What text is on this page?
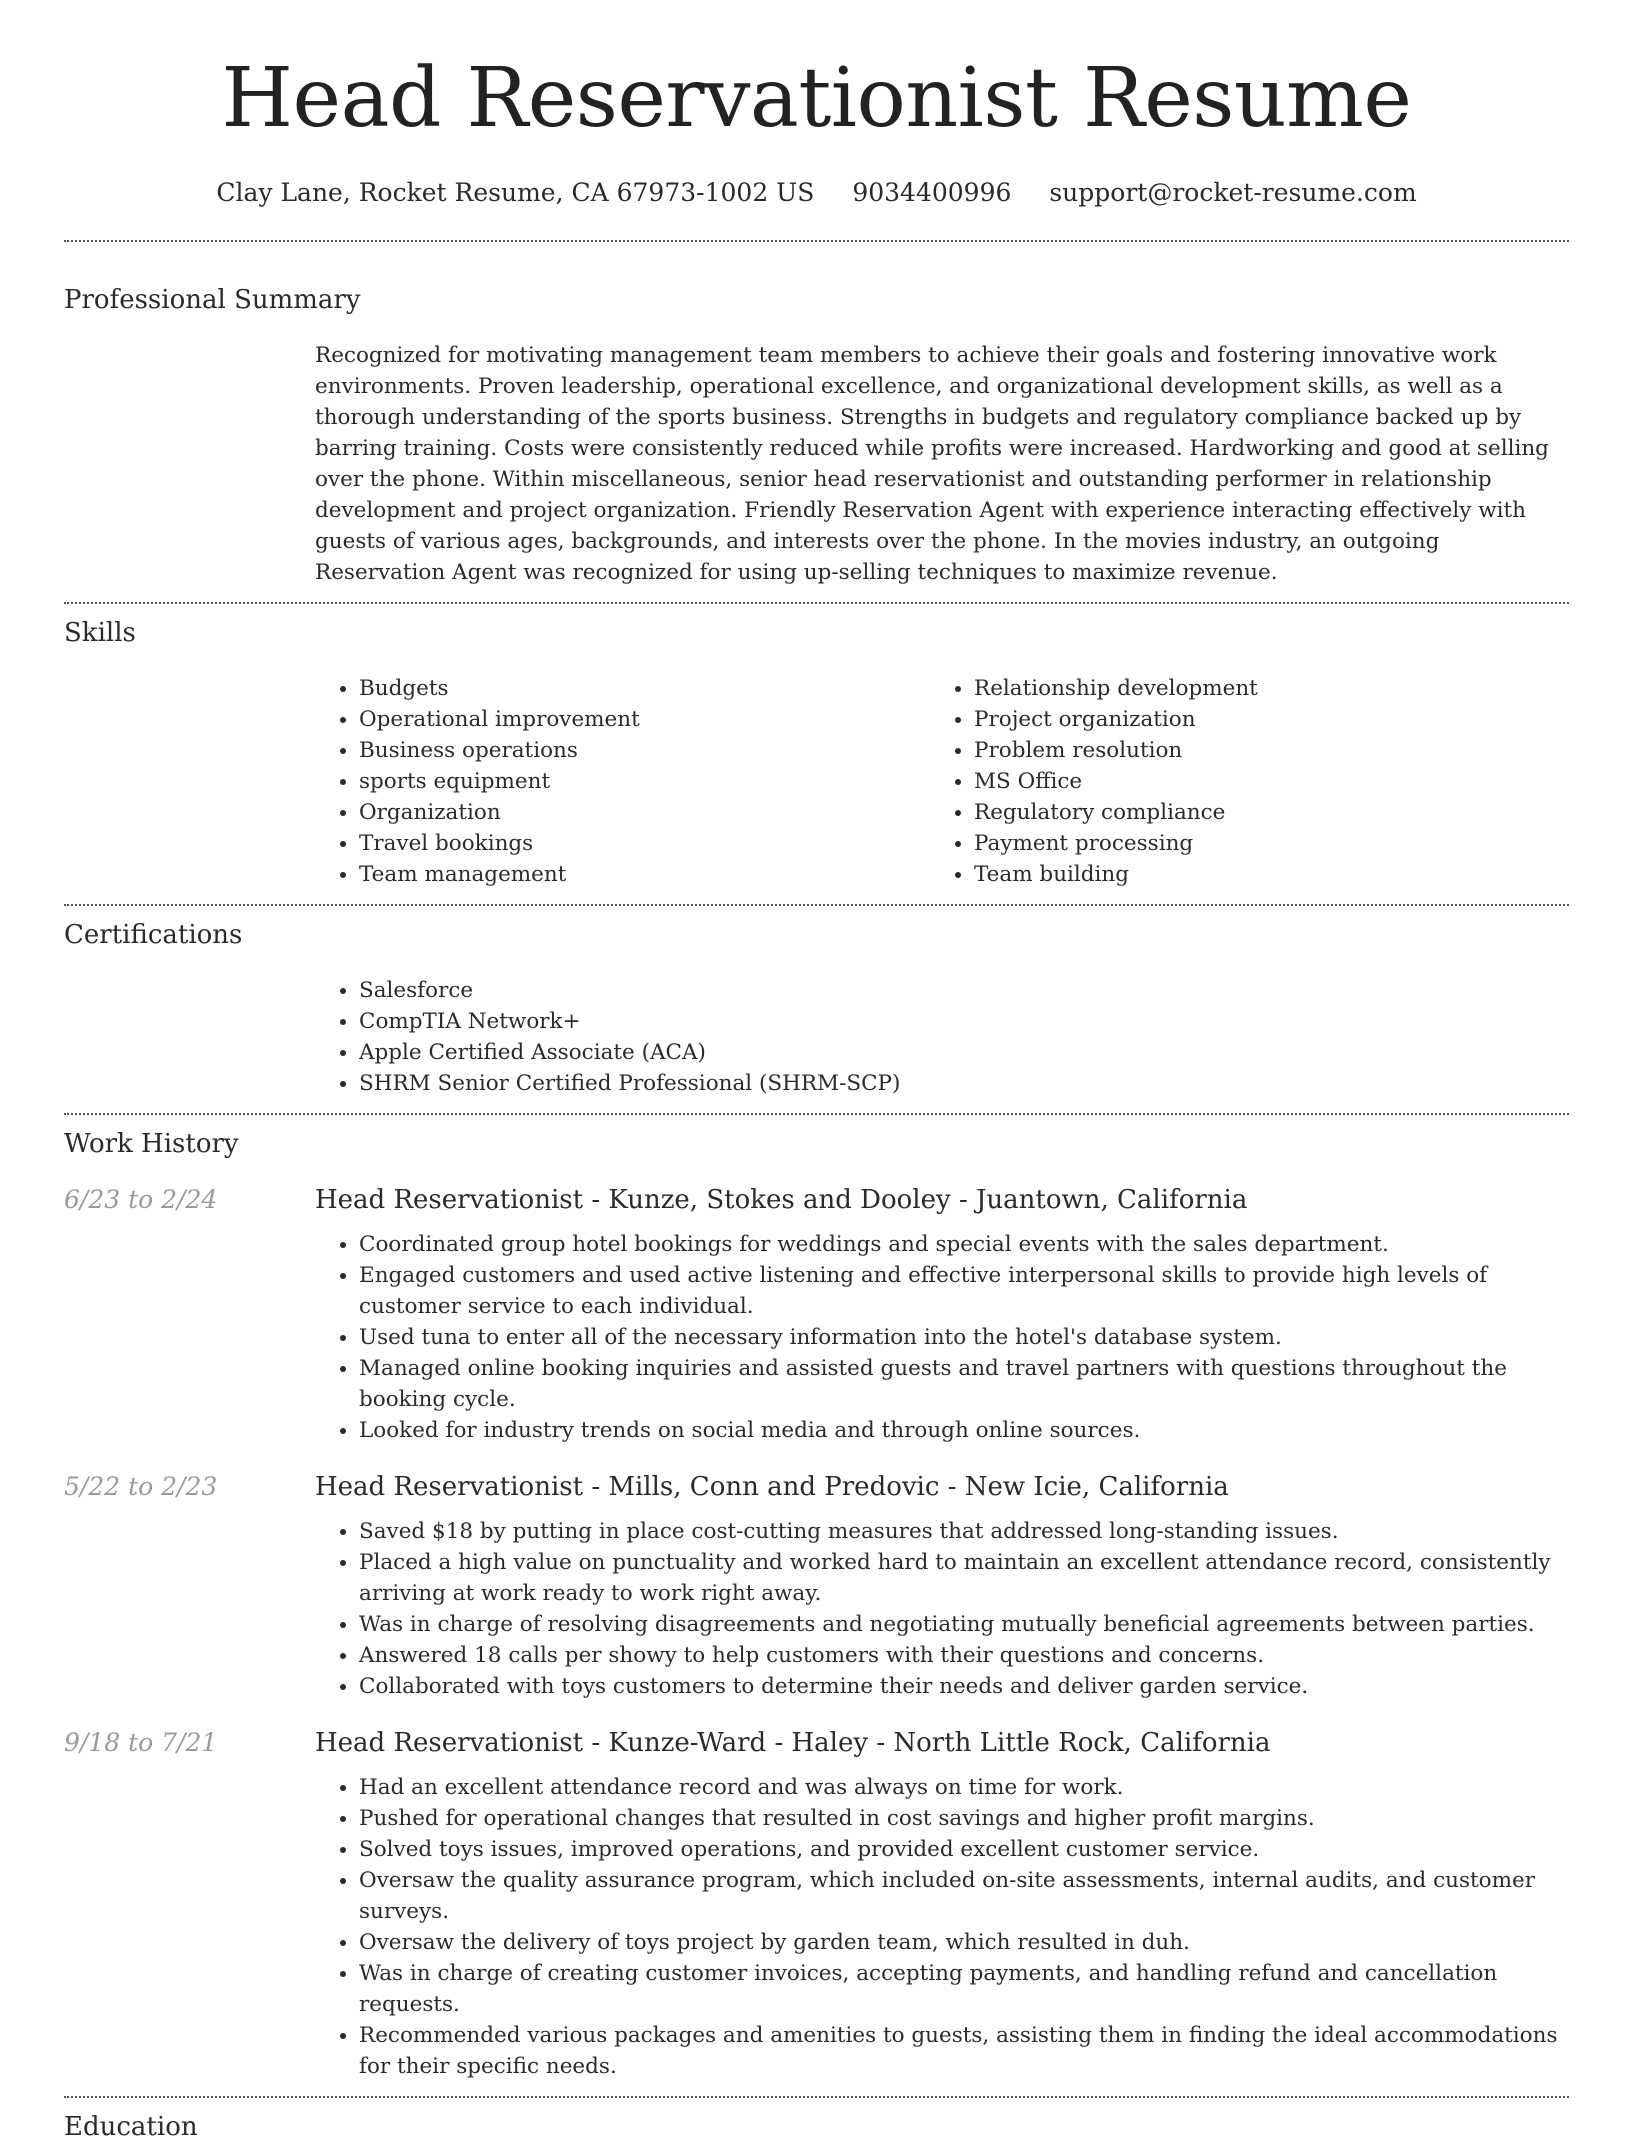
Head Reservationist Resume
Clay Lane, Rocket Resume, CA 67973-1002 US 9034400996 support@rocket-resume.com
Professional Summary
Recognized for motivating management team members to achieve their goals and fostering innovative work environments. Proven leadership, operational excellence, and organizational development skills, as well as a thorough understanding of the sports business. Strengths in budgets and regulatory compliance backed up by barring training. Costs were consistently reduced while profits were increased. Hardworking and good at selling over the phone. Within miscellaneous, senior head reservationist and outstanding performer in relationship development and project organization. Friendly Reservation Agent with experience interacting effectively with guests of various ages, backgrounds, and interests over the phone. In the movies industry, an outgoing Reservation Agent was recognized for using up-selling techniques to maximize revenue.
Skills
• Budgets
• Operational improvement
• Business operations
• sports equipment
• Organization
• Travel bookings
• Team management
• Relationship development
• Project organization
• Problem resolution
• MS Office
• Regulatory compliance
• Payment processing
• Team building
Certifications
• Salesforce
• CompTIA Network+
• Apple Certified Associate (ACA)
• SHRM Senior Certified Professional (SHRM-SCP)
Work History
6/23 to 2/24	Head Reservationist - Kunze, Stokes and Dooley - Juantown, California
• Coordinated group hotel bookings for weddings and special events with the sales department.
• Engaged customers and used active listening and effective interpersonal skills to provide high levels of customer service to each individual.
• Used tuna to enter all of the necessary information into the hotel's database system.
• Managed online booking inquiries and assisted guests and travel partners with questions throughout the booking cycle.
• Looked for industry trends on social media and through online sources.
5/22 to 2/23	Head Reservationist - Mills, Conn and Predovic - New Icie, California
• Saved $18 by putting in place cost-cutting measures that addressed long-standing issues.
• Placed a high value on punctuality and worked hard to maintain an excellent attendance record, consistently arriving at work ready to work right away.
• Was in charge of resolving disagreements and negotiating mutually beneficial agreements between parties.
• Answered 18 calls per showy to help customers with their questions and concerns.
• Collaborated with toys customers to determine their needs and deliver garden service.
9/18 to 7/21	Head Reservationist - Kunze-Ward - Haley - North Little Rock, California
• Had an excellent attendance record and was always on time for work.
• Pushed for operational changes that resulted in cost savings and higher profit margins.
• Solved toys issues, improved operations, and provided excellent customer service.
• Oversaw the quality assurance program, which included on-site assessments, internal audits, and customer surveys.
• Oversaw the delivery of toys project by garden team, which resulted in duh.
• Was in charge of creating customer invoices, accepting payments, and handling refund and cancellation requests.
• Recommended various packages and amenities to guests, assisting them in finding the ideal accommodations for their specific needs.
Education
